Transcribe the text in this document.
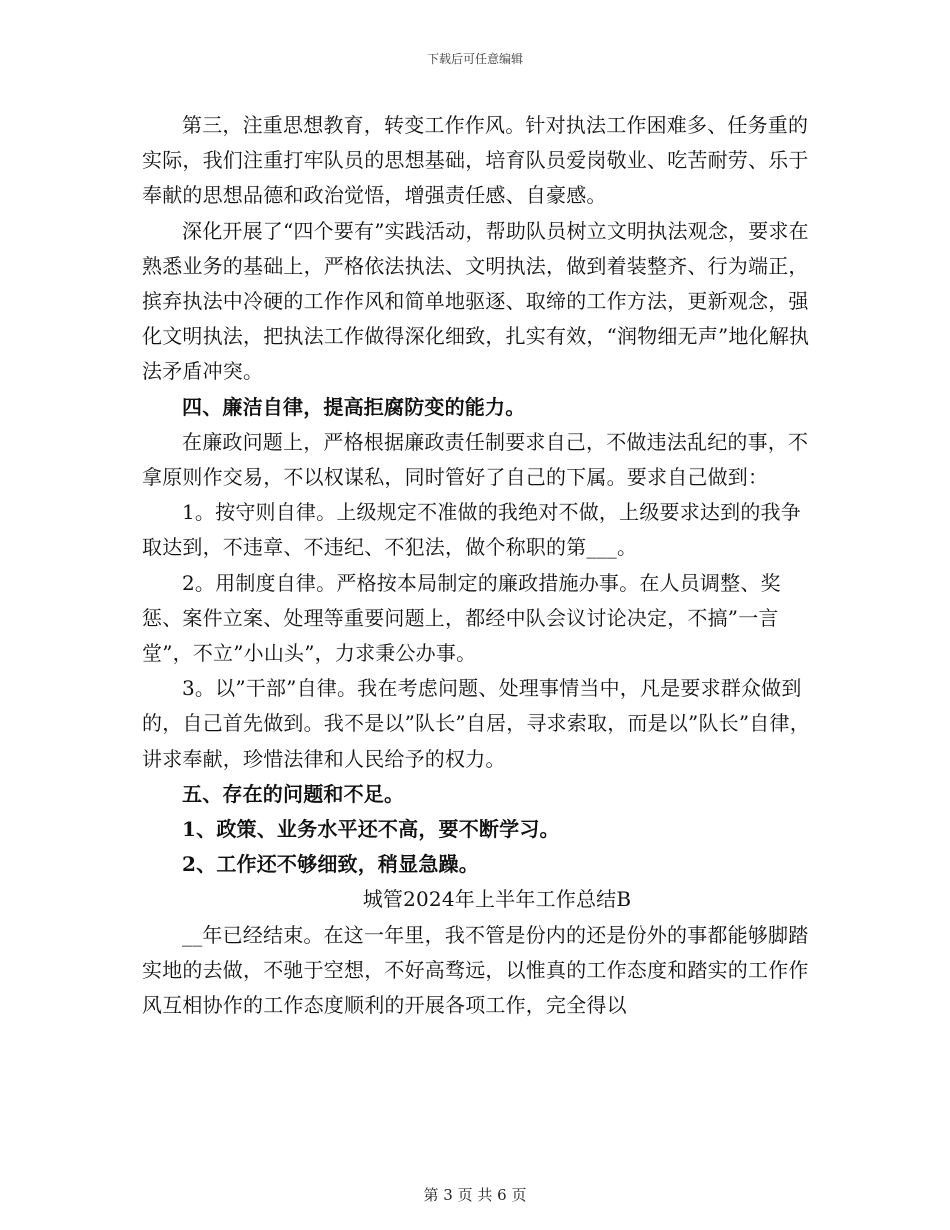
下载后可任意编辑

第三，注重思想教育，转变工作作风。针对执法工作困难多、任务重的实际，我们注重打牢队员的思想基础，培育队员爱岗敬业、吃苦耐劳、乐于奉献的思想品德和政治觉悟，增强责任感、自豪感。

深化开展了“四个要有”实践活动，帮助队员树立文明执法观念，要求在熟悉业务的基础上，严格依法执法、文明执法，做到着装整齐、行为端正，摈弃执法中冷硬的工作作风和简单地驱逐、取缔的工作方法，更新观念，强化文明执法，把执法工作做得深化细致，扎实有效，“润物细无声”地化解执法矛盾冲突。

四、廉洁自律，提高拒腐防变的能力。

在廉政问题上，严格根据廉政责任制要求自己，不做违法乱纪的事，不拿原则作交易，不以权谋私，同时管好了自己的下属。要求自己做到：

1。按守则自律。上级规定不准做的我绝对不做，上级要求达到的我争取达到，不违章、不违纪、不犯法，做个称职的第___。

2。用制度自律。严格按本局制定的廉政措施办事。在人员调整、奖惩、案件立案、处理等重要问题上，都经中队会议讨论决定，不搞”一言堂”，不立”小山头”，力求秉公办事。

3。以”干部”自律。我在考虑问题、处理事情当中，凡是要求群众做到的，自己首先做到。我不是以”队长”自居，寻求索取，而是以”队长”自律，讲求奉献，珍惜法律和人民给予的权力。

五、存在的问题和不足。

1、政策、业务水平还不高，要不断学习。

2、工作还不够细致，稍显急躁。

城管2024年上半年工作总结B

__年已经结束。在这一年里，我不管是份内的还是份外的事都能够脚踏实地的去做，不驰于空想，不好高骛远，以惟真的工作态度和踏实的工作作风互相协作的工作态度顺利的开展各项工作，完全得以

第 3 页 共 6 页
